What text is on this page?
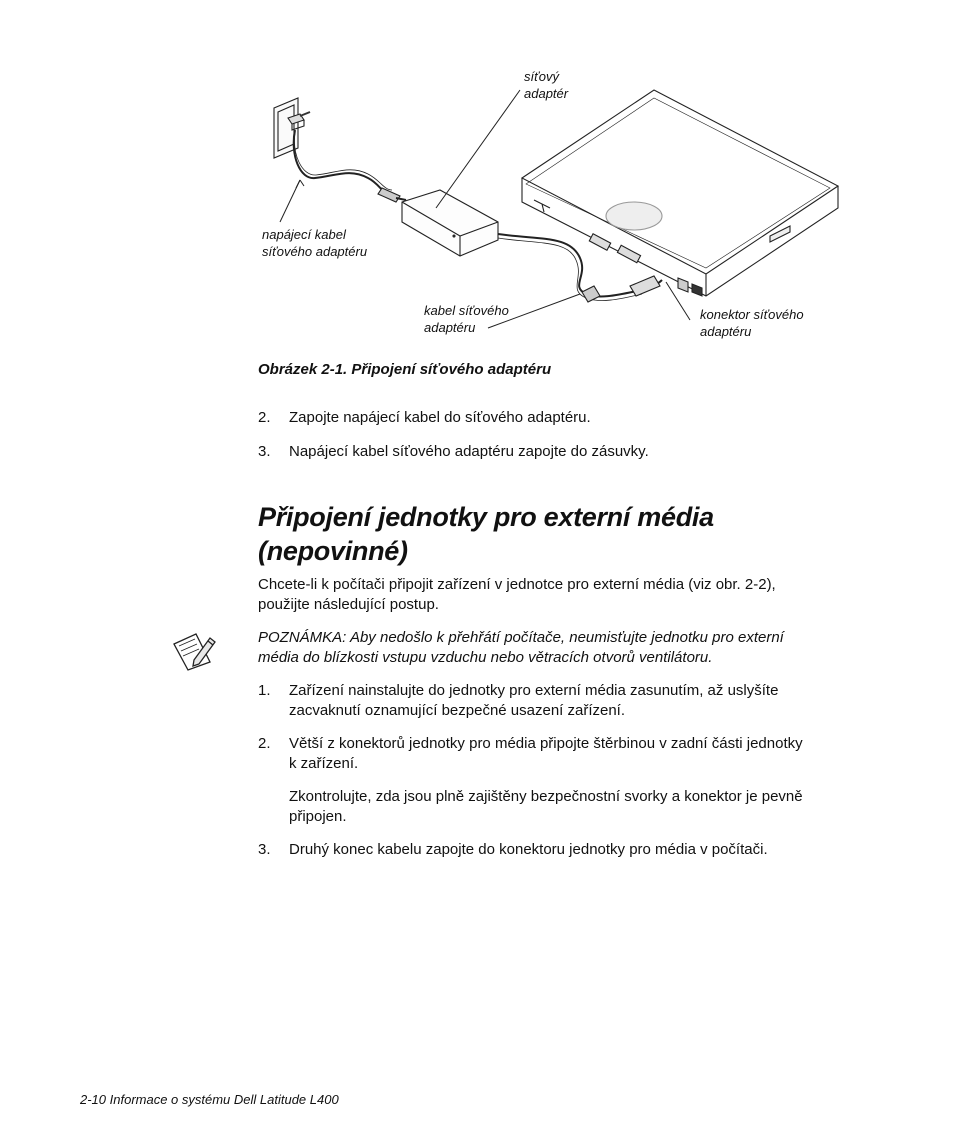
síťový
adaptér
napájecí kabel
síťového adaptéru
kabel síťového
adaptéru
konektor síťového
adaptéru
Obrázek 2-1. Připojení síťového adaptéru
2. Zapojte napájecí kabel do síťového adaptéru.
3. Napájecí kabel síťového adaptéru zapojte do zásuvky.
Připojení jednotky pro externí média
(nepovinné)
Chcete-li k počítači připojit zařízení v jednotce pro externí média (viz obr. 2-2),
použijte následující postup.
POZNÁMKA: Aby nedošlo k přehřátí počítače, neumisťujte jednotku pro externí
média do blízkosti vstupu vzduchu nebo větracích otvorů ventilátoru.
1. Zařízení nainstalujte do jednotky pro externí média zasunutím, až uslyšíte
zacvaknutí oznamující bezpečné usazení zařízení.
2. Větší z konektorů jednotky pro média připojte štěrbinou v zadní části jednotky
k zařízení.
Zkontrolujte, zda jsou plně zajištěny bezpečnostní svorky a konektor je pevně
připojen.
3. Druhý konec kabelu zapojte do konektoru jednotky pro média v počítači.
2-10 Informace o systému Dell Latitude L400
